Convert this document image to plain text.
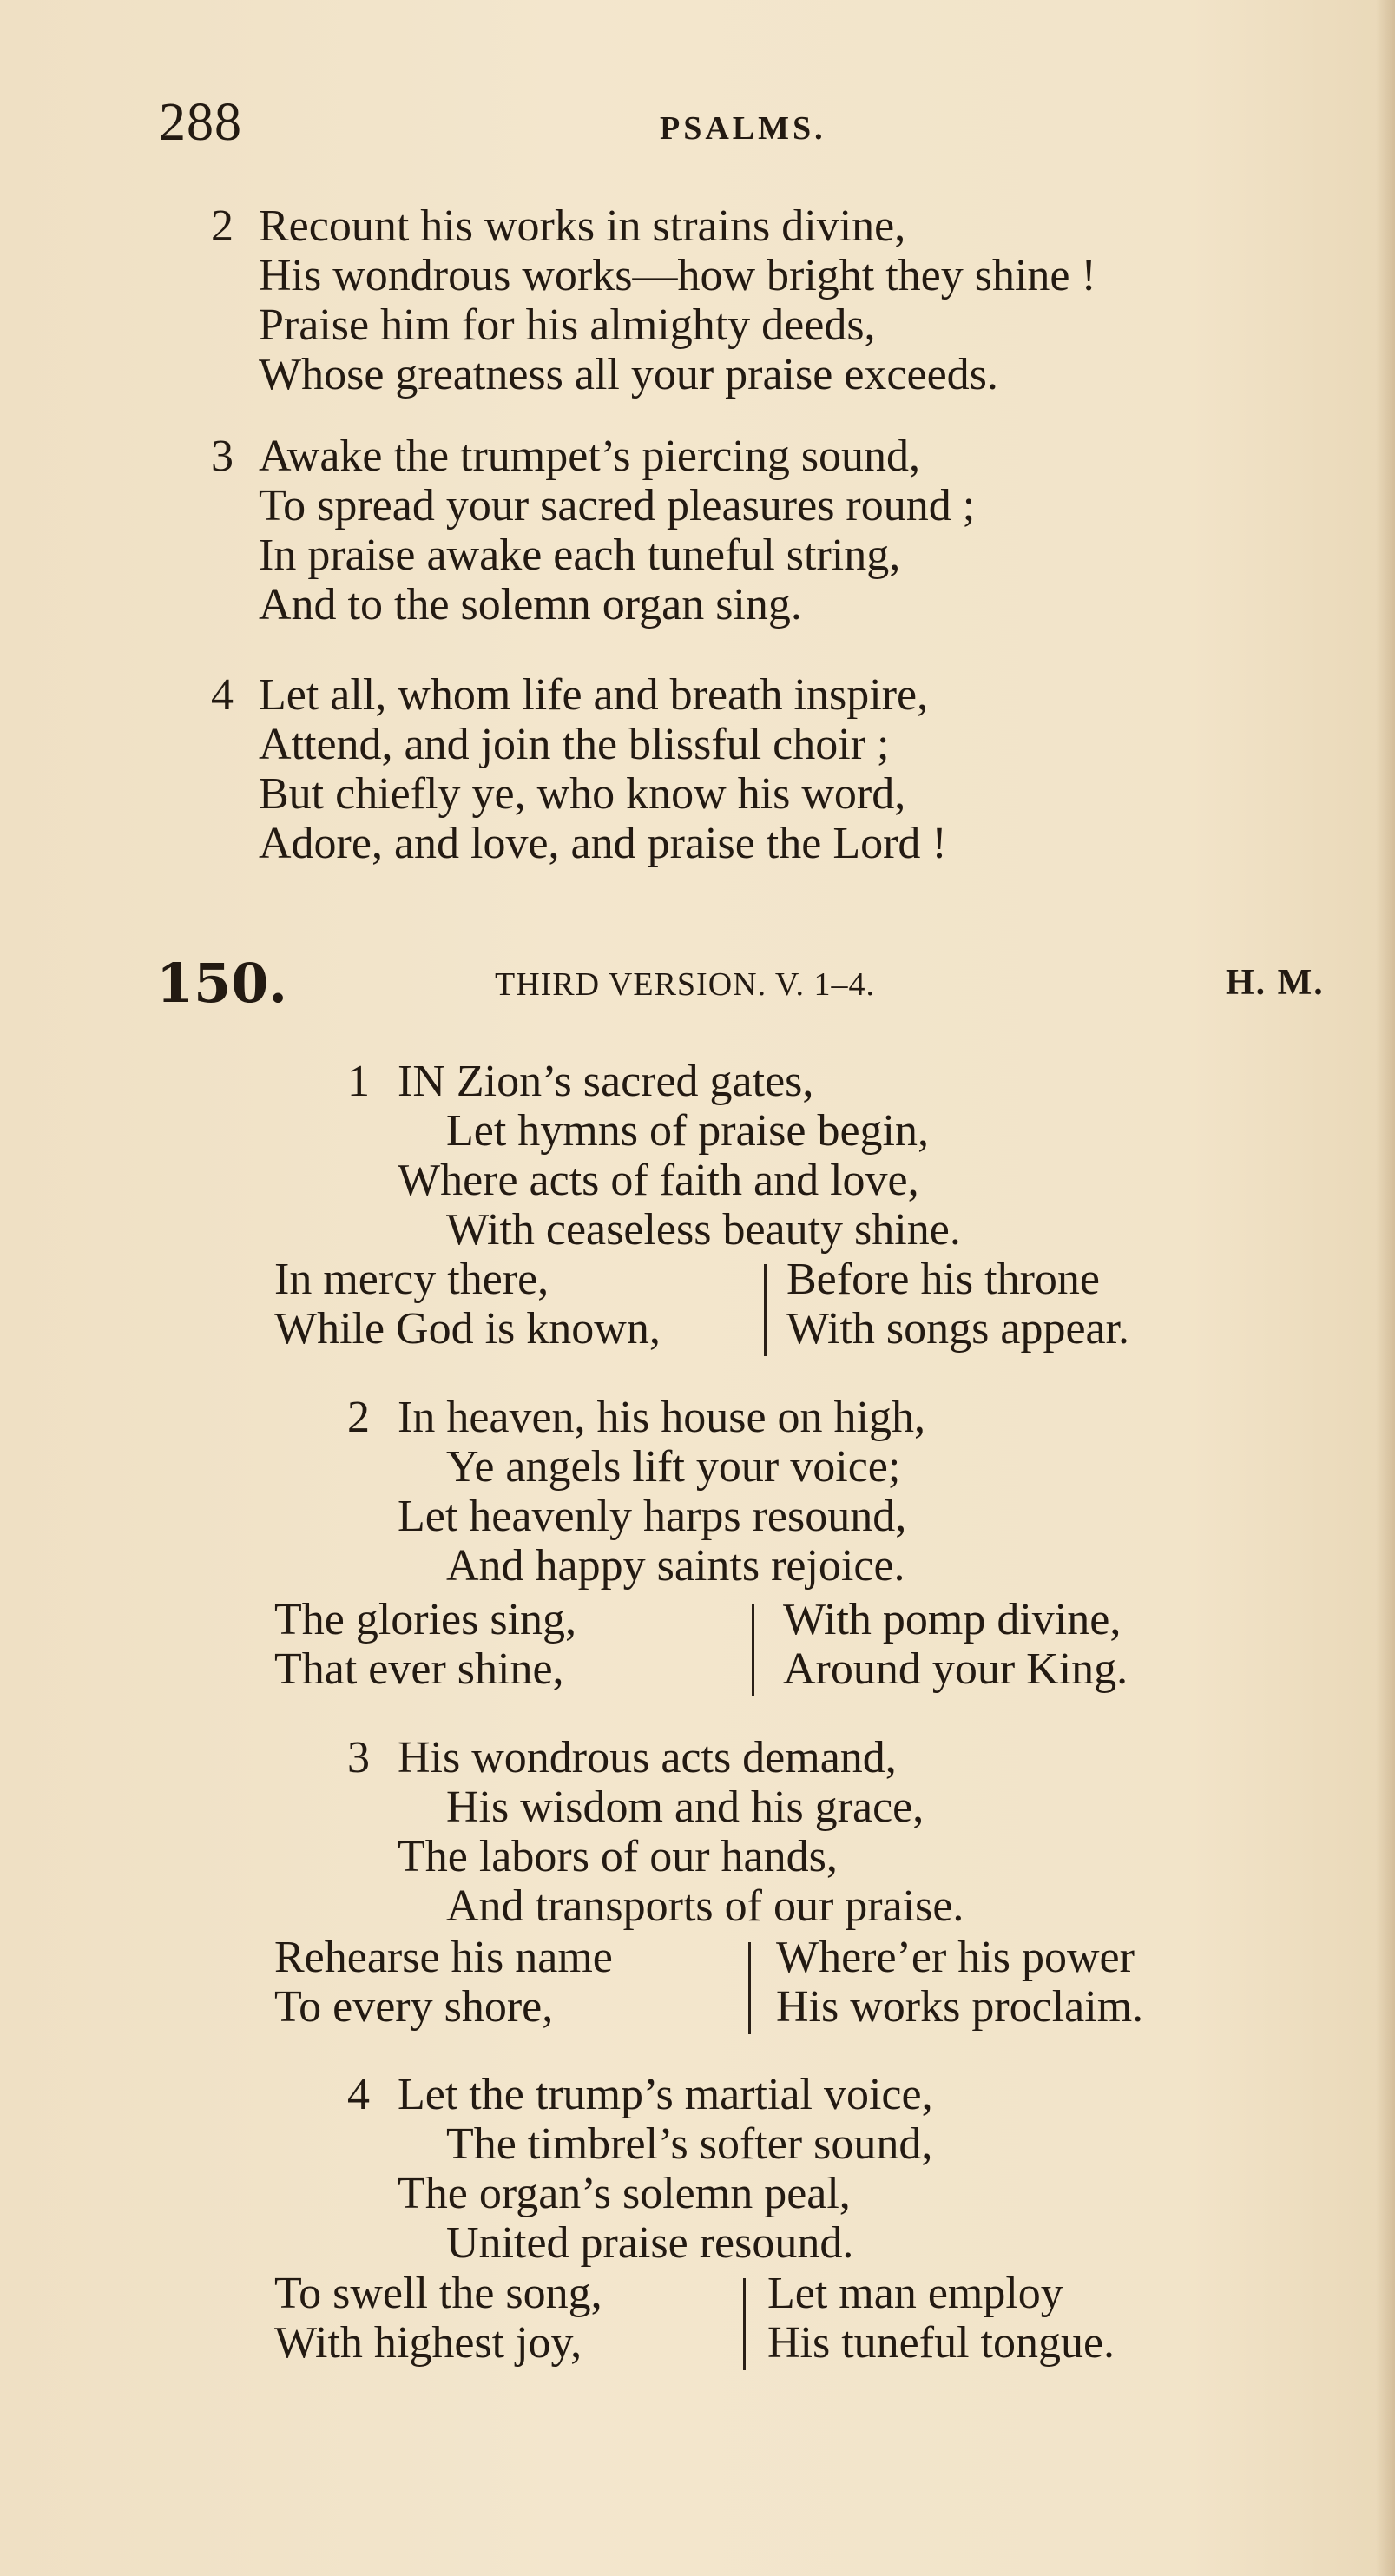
288	PSALMS.
2 Recount his works in strains divine,
His wondrous works—how bright they shine !
Praise him for his almighty deeds,
Whose greatness all your praise exceeds.
3 Awake the trumpet’s piercing sound,
To spread your sacred pleasures round ;
In praise awake each tuneful string,
And to the solemn organ sing.
4 Let all, whom life and breath inspire,
Attend, and join the blissful choir ;
But chiefly ye, who know his word,
Adore, and love, and praise the Lord !
150.	THIRD VERSION. V. 1–4.	H. M.
1 IN Zion’s sacred gates,
Let hymns of praise begin,
Where acts of faith and love,
With ceaseless beauty shine.
In mercy there,
While God is known,
Before his throne
With songs appear.
2 In heaven, his house on high,
Ye angels lift your voice;
Let heavenly harps resound,
And happy saints rejoice.
The glories sing,
That ever shine,
With pomp divine,
Around your King.
3 His wondrous acts demand,
His wisdom and his grace,
The labors of our hands,
And transports of our praise.
Rehearse his name
To every shore,
Where’er his power
His works proclaim.
4 Let the trump’s martial voice,
The timbrel’s softer sound,
The organ’s solemn peal,
United praise resound.
To swell the song,
With highest joy,
Let man employ
His tuneful tongue.
